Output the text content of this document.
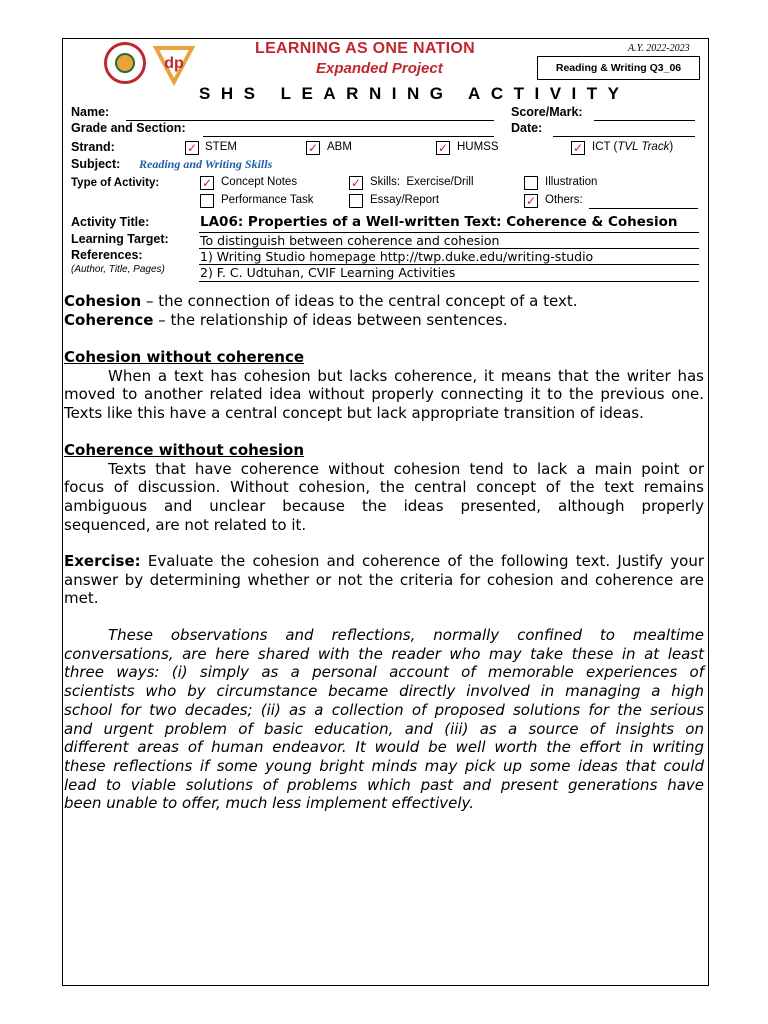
dp
LEARNING AS ONE NATION
Expanded Project
A.Y. 2022-2023
Reading & Writing Q3_06
SHS LEARNING ACTIVITY
Name:	Score/Mark:
Grade and Section:	Date:
Strand:	✓ STEM	✓ ABM	✓ HUMSS	✓ ICT (TVL Track)
Subject: Reading and Writing Skills
Type of Activity:	✓ Concept Notes	✓ Skills:  Exercise/Drill	Illustration
Performance Task	Essay/Report	✓ Others:
Activity Title:	LA06: Properties of a Well-written Text: Coherence & Cohesion
Learning Target:	To distinguish between coherence and cohesion
References:
(Author, Title, Pages)
1) Writing Studio homepage http://twp.duke.edu/writing-studio
2) F. C. Udtuhan, CVIF Learning Activities

Cohesion – the connection of ideas to the central concept of a text.

Coherence – the relationship of ideas between sentences.

Cohesion without coherence

When a text has cohesion but lacks coherence, it means that the writer has

moved to another related idea without properly connecting it to the previous one.

Texts like this have a central concept but lack appropriate transition of ideas.

Coherence without cohesion

Texts that have coherence without cohesion tend to lack a main point or

focus of discussion. Without cohesion, the central concept of the text remains

ambiguous and unclear because the ideas presented, although properly

sequenced, are not related to it.

Exercise: Evaluate the cohesion and coherence of the following text. Justify your

answer by determining whether or not the criteria for cohesion and coherence are

met.

These observations and reflections, normally confined to mealtime

conversations, are here shared with the reader who may take these in at least

three ways: (i) simply as a personal account of memorable experiences of

scientists who by circumstance became directly involved in managing a high

school for two decades; (ii) as a collection of proposed solutions for the serious

and urgent problem of basic education, and (iii) as a source of insights on

different areas of human endeavor. It would be well worth the effort in writing

these reflections if some young bright minds may pick up some ideas that could

lead to viable solutions of problems which past and present generations have

been unable to offer, much less implement effectively.
